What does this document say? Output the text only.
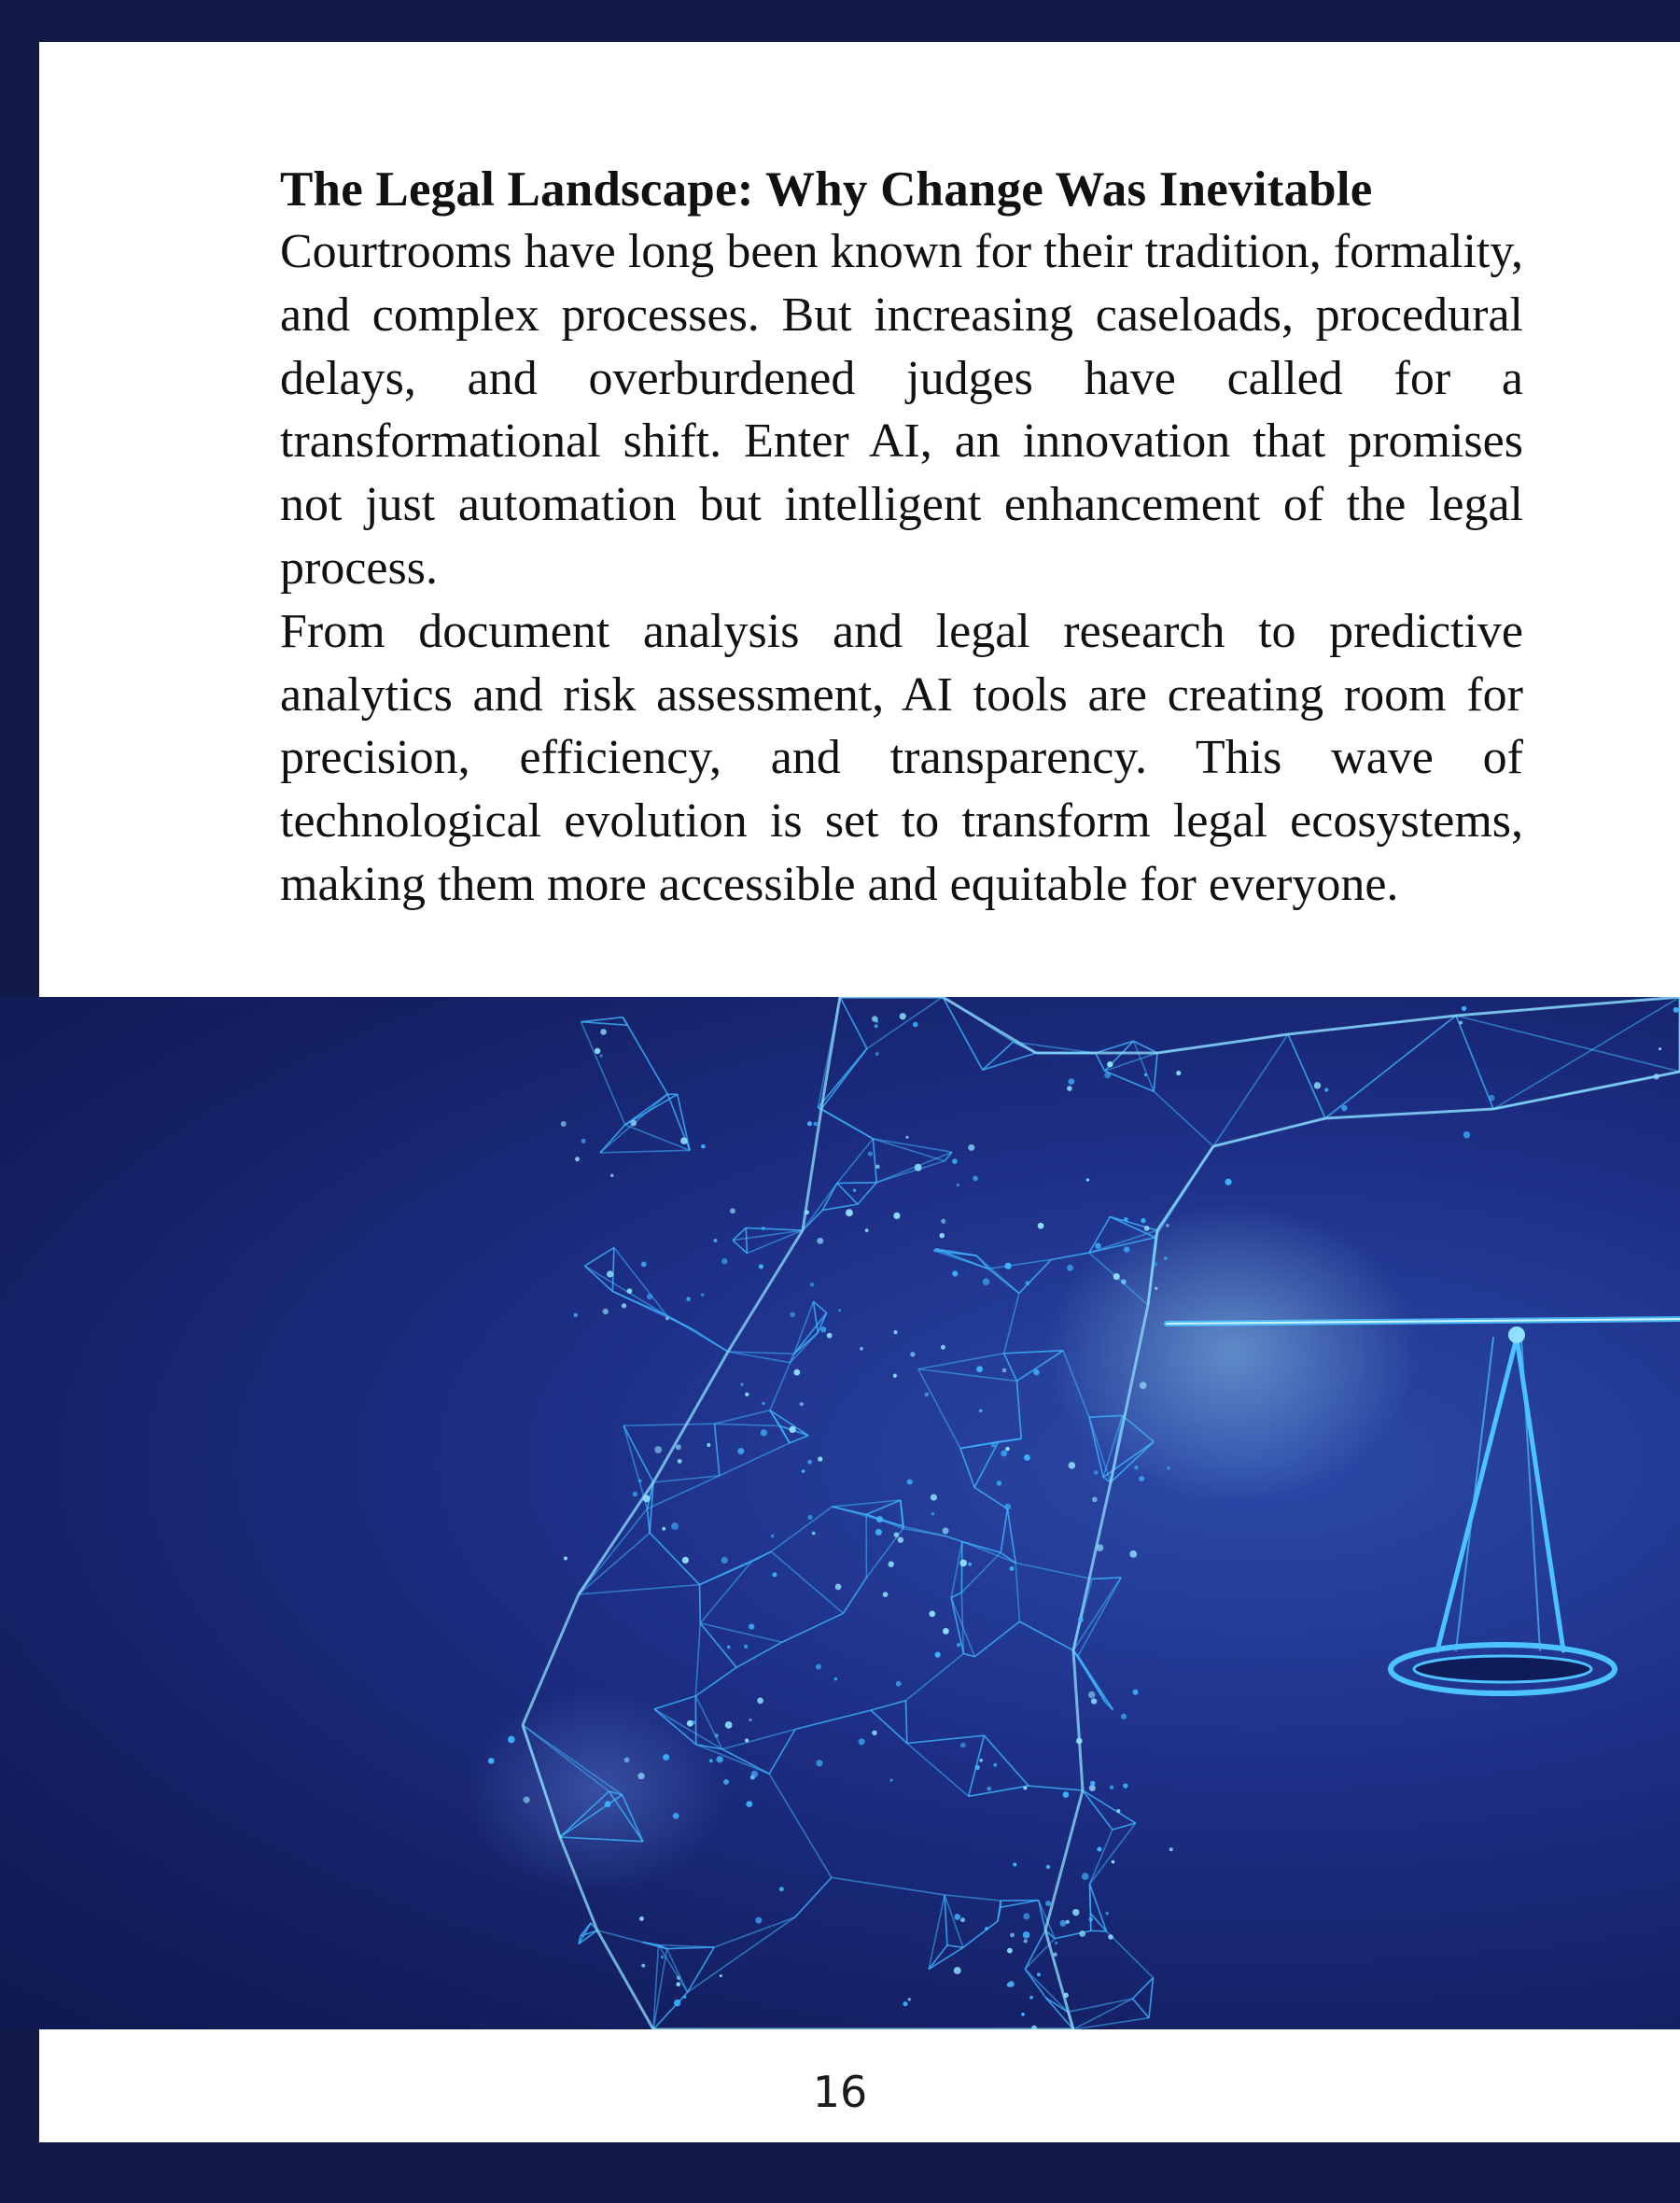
The Legal Landscape: Why Change Was Inevitable

Courtrooms have long been known for their tradition, formality, and complex processes. But increasing caseloads, procedural delays, and overburdened judges have called for a transformational shift. Enter AI, an innovation that promises not just automation but intelligent enhancement of the legal process.

From document analysis and legal research to predictive analytics and risk assessment, AI tools are creating room for precision, efficiency, and transparency. This wave of technological evolution is set to transform legal ecosystems, making them more accessible and equitable for everyone.

16
